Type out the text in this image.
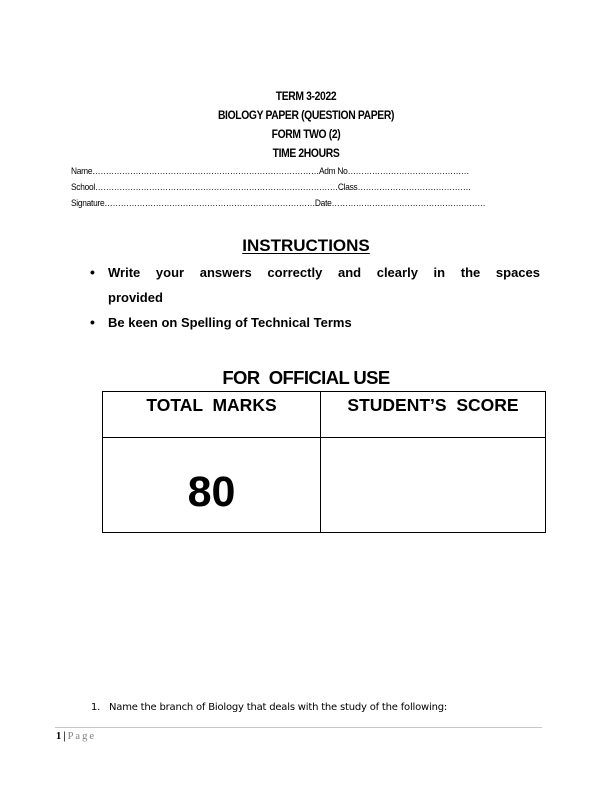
TERM 3-2022
BIOLOGY PAPER (QUESTION PAPER)
FORM TWO (2)
TIME 2HOURS
Name…………………………………………………………………………Adm No………………………………………
School………………………………………………………………………………Class……………………………………
Signature……………………………………………………………………Date…………………………………………………
INSTRUCTIONS
• Write your answers correctly and clearly in the spaces
provided
• Be keen on Spelling of Technical Terms
FOR  OFFICIAL USE
TOTAL  MARKS	STUDENT’S  SCORE
80	
1. Name the branch of Biology that deals with the study of the following:
1 | Page
